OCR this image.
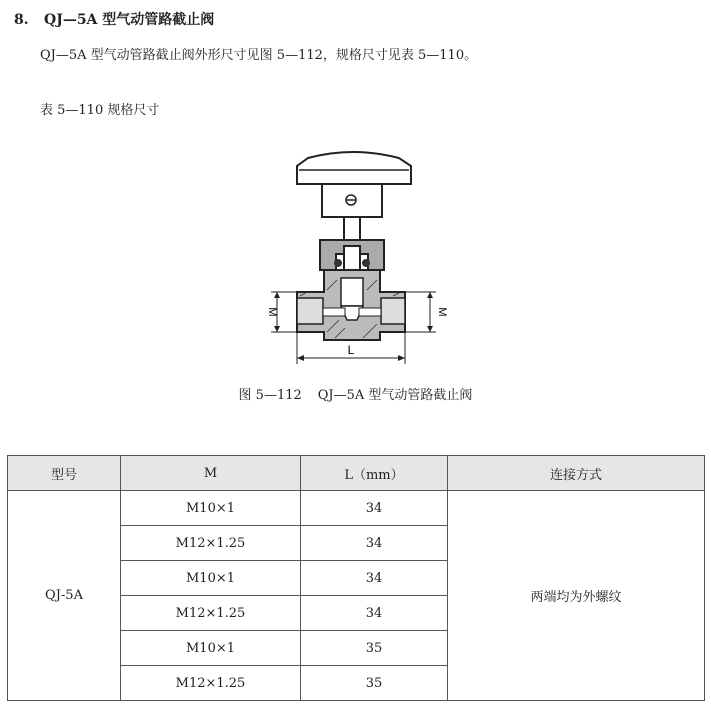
8. QJ—5A 型气动管路截止阀
QJ—5A 型气动管路截止阀外形尺寸见图 5—112，规格尺寸见表 5—110。
表 5—110 规格尺寸
M	M
L
图 5—112 QJ—5A 型气动管路截止阀
型号	M	L（mm）	连接方式
QJ-5A	M10×1	34	两端均为外螺纹
	M12×1.25	34	
	M10×1	34	
	M12×1.25	34	
	M10×1	35	
	M12×1.25	35	
